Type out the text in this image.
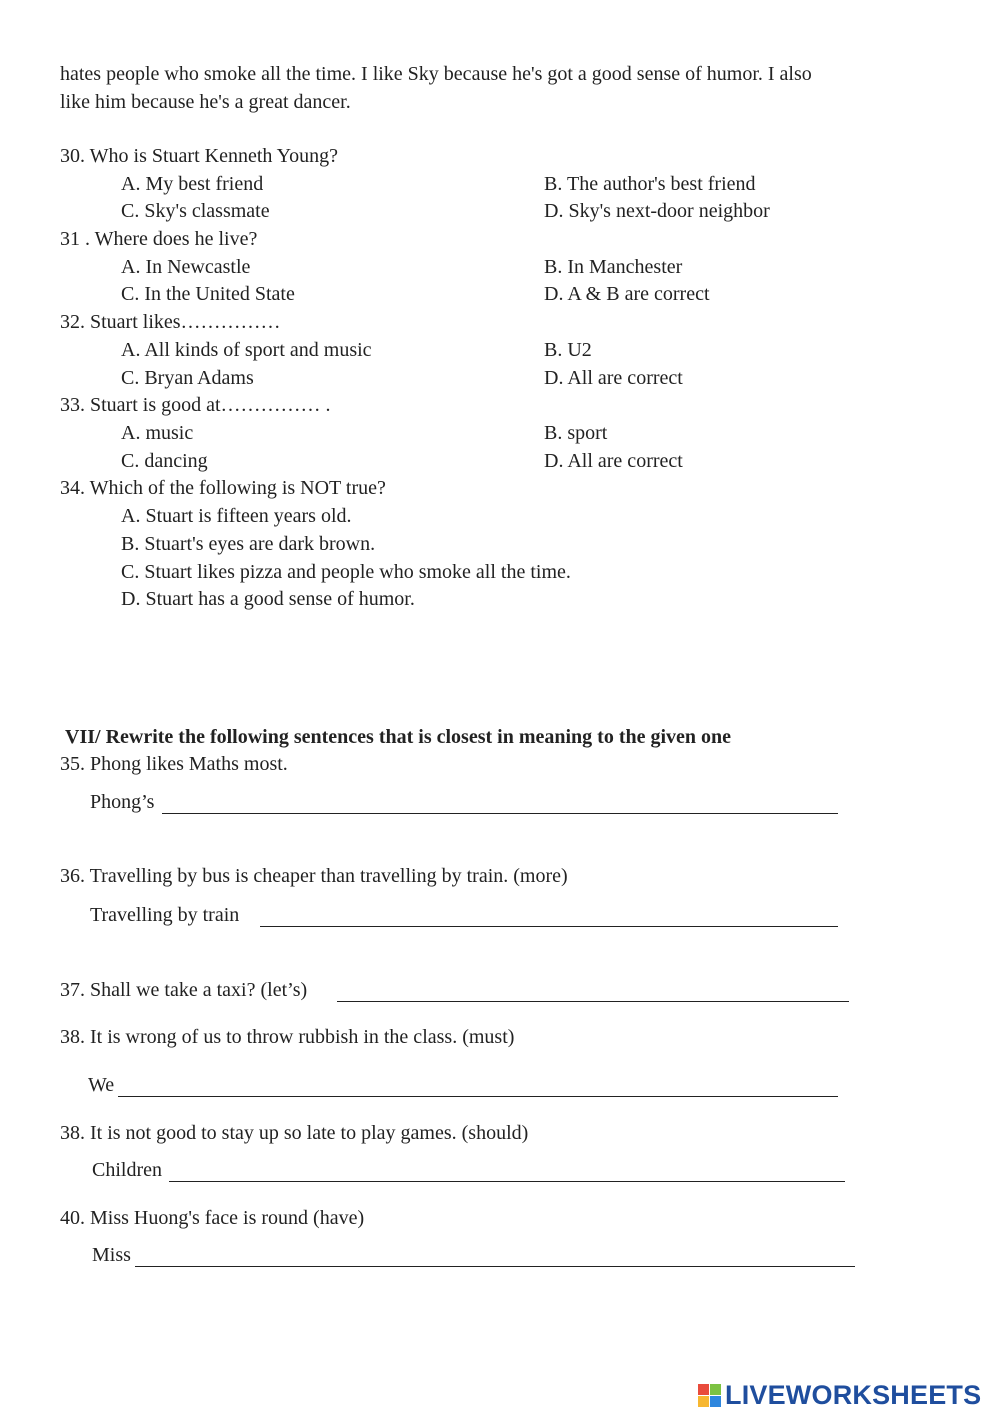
hates people who smoke all the time. I like Sky because he's got a good sense of humor. I also
like him because he's a great dancer.
30. Who is Stuart Kenneth Young?
A. My best friend	B. The author's best friend
C. Sky's classmate	D. Sky's next-door neighbor
31 . Where does he live?
A. In Newcastle	B. In Manchester
C. In the United State	D. A & B are correct
32. Stuart likes……………
A. All kinds of sport and music	B. U2
C. Bryan Adams	D. All are correct
33. Stuart is good at…………… .
A. music	B. sport
C. dancing	D. All are correct
34. Which of the following is NOT true?
A. Stuart is fifteen years old.
B. Stuart's eyes are dark brown.
C. Stuart likes pizza and people who smoke all the time.
D. Stuart has a good sense of humor.
VII/ Rewrite the following sentences that is closest in meaning to the given one
35. Phong likes Maths most.
Phong’s
36. Travelling by bus is cheaper than travelling by train. (more)
Travelling by train
37. Shall we take a taxi? (let’s)
38. It is wrong of us to throw rubbish in the class. (must)
We
38. It is not good to stay up so late to play games. (should)
Children
40. Miss Huong's face is round (have)
Miss
LIVEWORKSHEETS
